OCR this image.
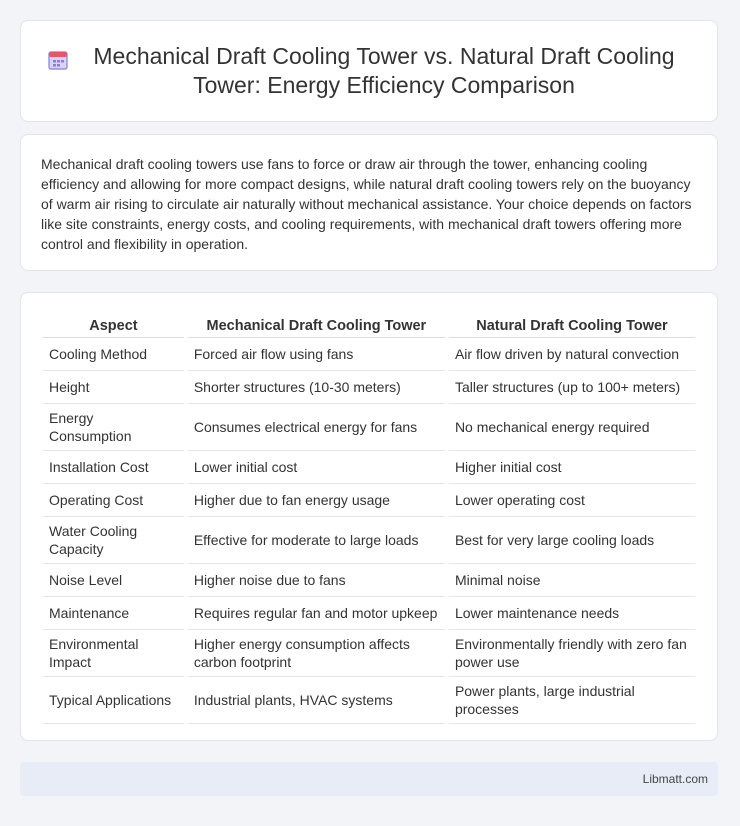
Mechanical Draft Cooling Tower vs. Natural Draft Cooling Tower: Energy Efficiency Comparison

Mechanical draft cooling towers use fans to force or draw air through the tower, enhancing cooling efficiency and allowing for more compact designs, while natural draft cooling towers rely on the buoyancy of warm air rising to circulate air naturally without mechanical assistance. Your choice depends on factors like site constraints, energy costs, and cooling requirements, with mechanical draft towers offering more control and flexibility in operation.

Aspect	Mechanical Draft Cooling Tower	Natural Draft Cooling Tower
Cooling Method	Forced air flow using fans	Air flow driven by natural convection
Height	Shorter structures (10-30 meters)	Taller structures (up to 100+ meters)
Energy Consumption	Consumes electrical energy for fans	No mechanical energy required
Installation Cost	Lower initial cost	Higher initial cost
Operating Cost	Higher due to fan energy usage	Lower operating cost
Water Cooling Capacity	Effective for moderate to large loads	Best for very large cooling loads
Noise Level	Higher noise due to fans	Minimal noise
Maintenance	Requires regular fan and motor upkeep	Lower maintenance needs
Environmental Impact	Higher energy consumption affects carbon footprint	Environmentally friendly with zero fan power use
Typical Applications	Industrial plants, HVAC systems	Power plants, large industrial processes
Libmatt.com
